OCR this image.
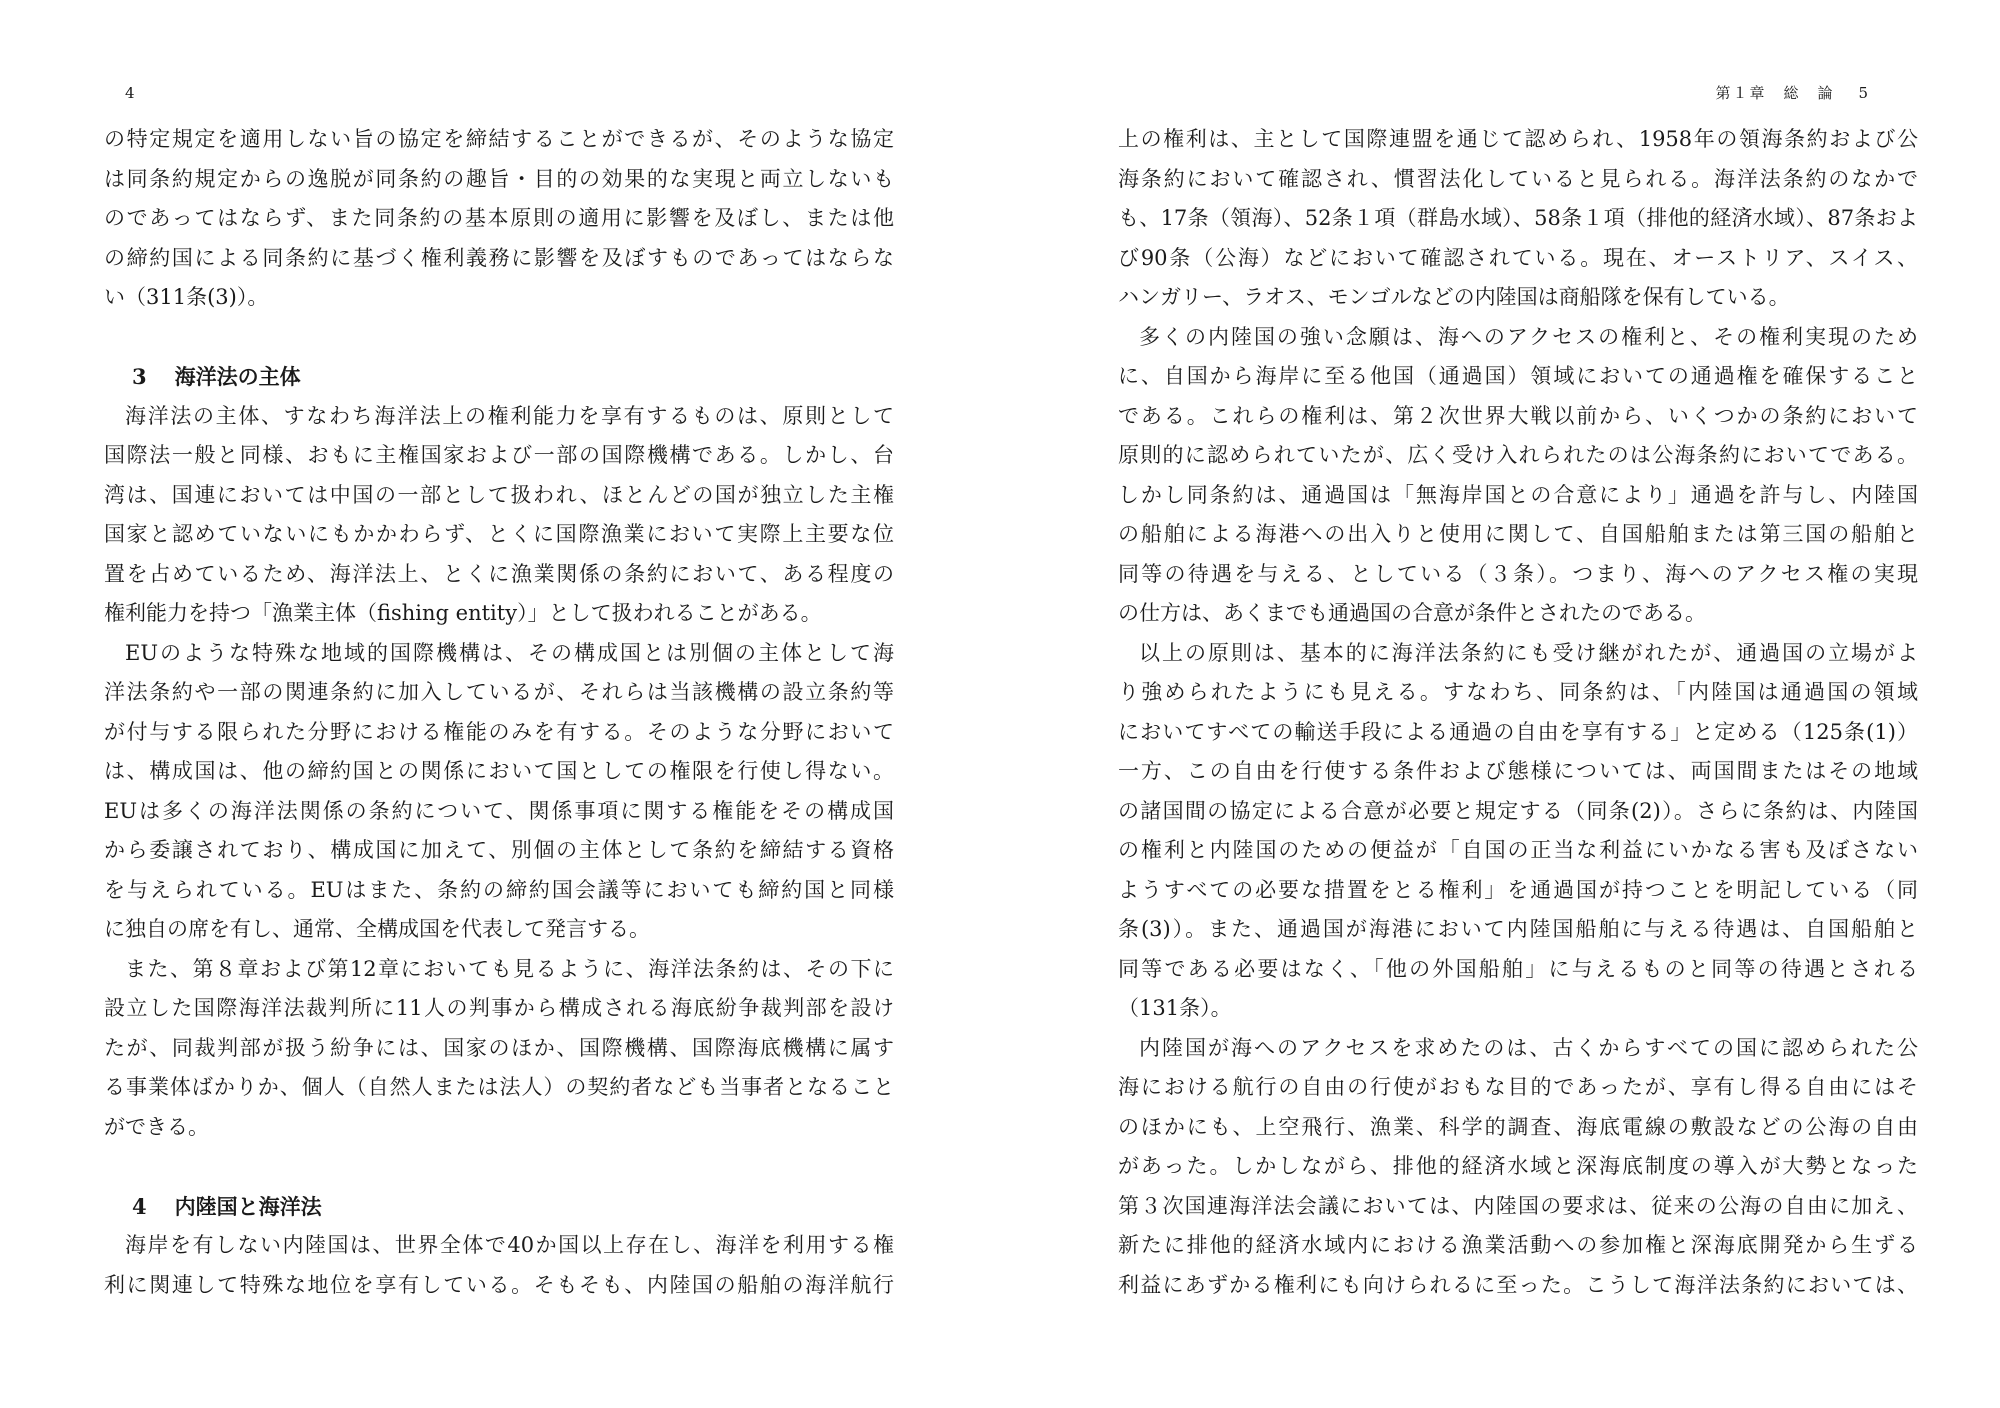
4
の特定規定を適用しない旨の協定を締結することができるが、そのような協定
は同条約規定からの逸脱が同条約の趣旨・目的の効果的な実現と両立しないも
のであってはならず、また同条約の基本原則の適用に影響を及ぼし、または他
の締約国による同条約に基づく権利義務に影響を及ぼすものであってはならな
い（311条(3)）。
3 海洋法の主体
海洋法の主体、すなわち海洋法上の権利能力を享有するものは、原則として
国際法一般と同様、おもに主権国家および一部の国際機構である。しかし、台
湾は、国連においては中国の一部として扱われ、ほとんどの国が独立した主権
国家と認めていないにもかかわらず、とくに国際漁業において実際上主要な位
置を占めているため、海洋法上、とくに漁業関係の条約において、ある程度の
権利能力を持つ「漁業主体（fishing entity）」として扱われることがある。
EUのような特殊な地域的国際機構は、その構成国とは別個の主体として海
洋法条約や一部の関連条約に加入しているが、それらは当該機構の設立条約等
が付与する限られた分野における権能のみを有する。そのような分野において
は、構成国は、他の締約国との関係において国としての権限を行使し得ない。
EUは多くの海洋法関係の条約について、関係事項に関する権能をその構成国
から委譲されており、構成国に加えて、別個の主体として条約を締結する資格
を与えられている。EUはまた、条約の締約国会議等においても締約国と同様
に独自の席を有し、通常、全構成国を代表して発言する。
また、第８章および第12章においても見るように、海洋法条約は、その下に
設立した国際海洋法裁判所に11人の判事から構成される海底紛争裁判部を設け
たが、同裁判部が扱う紛争には、国家のほか、国際機構、国際海底機構に属す
る事業体ばかりか、個人（自然人または法人）の契約者なども当事者となること
ができる。
4 内陸国と海洋法
海岸を有しない内陸国は、世界全体で40か国以上存在し、海洋を利用する権
利に関連して特殊な地位を享有している。そもそも、内陸国の船舶の海洋航行
第１章　総　論 5
上の権利は、主として国際連盟を通じて認められ、1958年の領海条約および公
海条約において確認され、慣習法化していると見られる。海洋法条約のなかで
も、17条（領海）、52条１項（群島水域）、58条１項（排他的経済水域）、87条およ
び90条（公海）などにおいて確認されている。現在、オーストリア、スイス、
ハンガリー、ラオス、モンゴルなどの内陸国は商船隊を保有している。
多くの内陸国の強い念願は、海へのアクセスの権利と、その権利実現のため
に、自国から海岸に至る他国（通過国）領域においての通過権を確保すること
である。これらの権利は、第２次世界大戦以前から、いくつかの条約において
原則的に認められていたが、広く受け入れられたのは公海条約においてである。
しかし同条約は、通過国は「無海岸国との合意により」通過を許与し、内陸国
の船舶による海港への出入りと使用に関して、自国船舶または第三国の船舶と
同等の待遇を与える、としている（３条）。つまり、海へのアクセス権の実現
の仕方は、あくまでも通過国の合意が条件とされたのである。
以上の原則は、基本的に海洋法条約にも受け継がれたが、通過国の立場がよ
り強められたようにも見える。すなわち、同条約は、「内陸国は通過国の領域
においてすべての輸送手段による通過の自由を享有する」と定める（125条(1)）
一方、この自由を行使する条件および態様については、両国間またはその地域
の諸国間の協定による合意が必要と規定する（同条(2)）。さらに条約は、内陸国
の権利と内陸国のための便益が「自国の正当な利益にいかなる害も及ぼさない
ようすべての必要な措置をとる権利」を通過国が持つことを明記している（同
条(3)）。また、通過国が海港において内陸国船舶に与える待遇は、自国船舶と
同等である必要はなく、「他の外国船舶」に与えるものと同等の待遇とされる
（131条）。
内陸国が海へのアクセスを求めたのは、古くからすべての国に認められた公
海における航行の自由の行使がおもな目的であったが、享有し得る自由にはそ
のほかにも、上空飛行、漁業、科学的調査、海底電線の敷設などの公海の自由
があった。しかしながら、排他的経済水域と深海底制度の導入が大勢となった
第３次国連海洋法会議においては、内陸国の要求は、従来の公海の自由に加え、
新たに排他的経済水域内における漁業活動への参加権と深海底開発から生ずる
利益にあずかる権利にも向けられるに至った。こうして海洋法条約においては、
